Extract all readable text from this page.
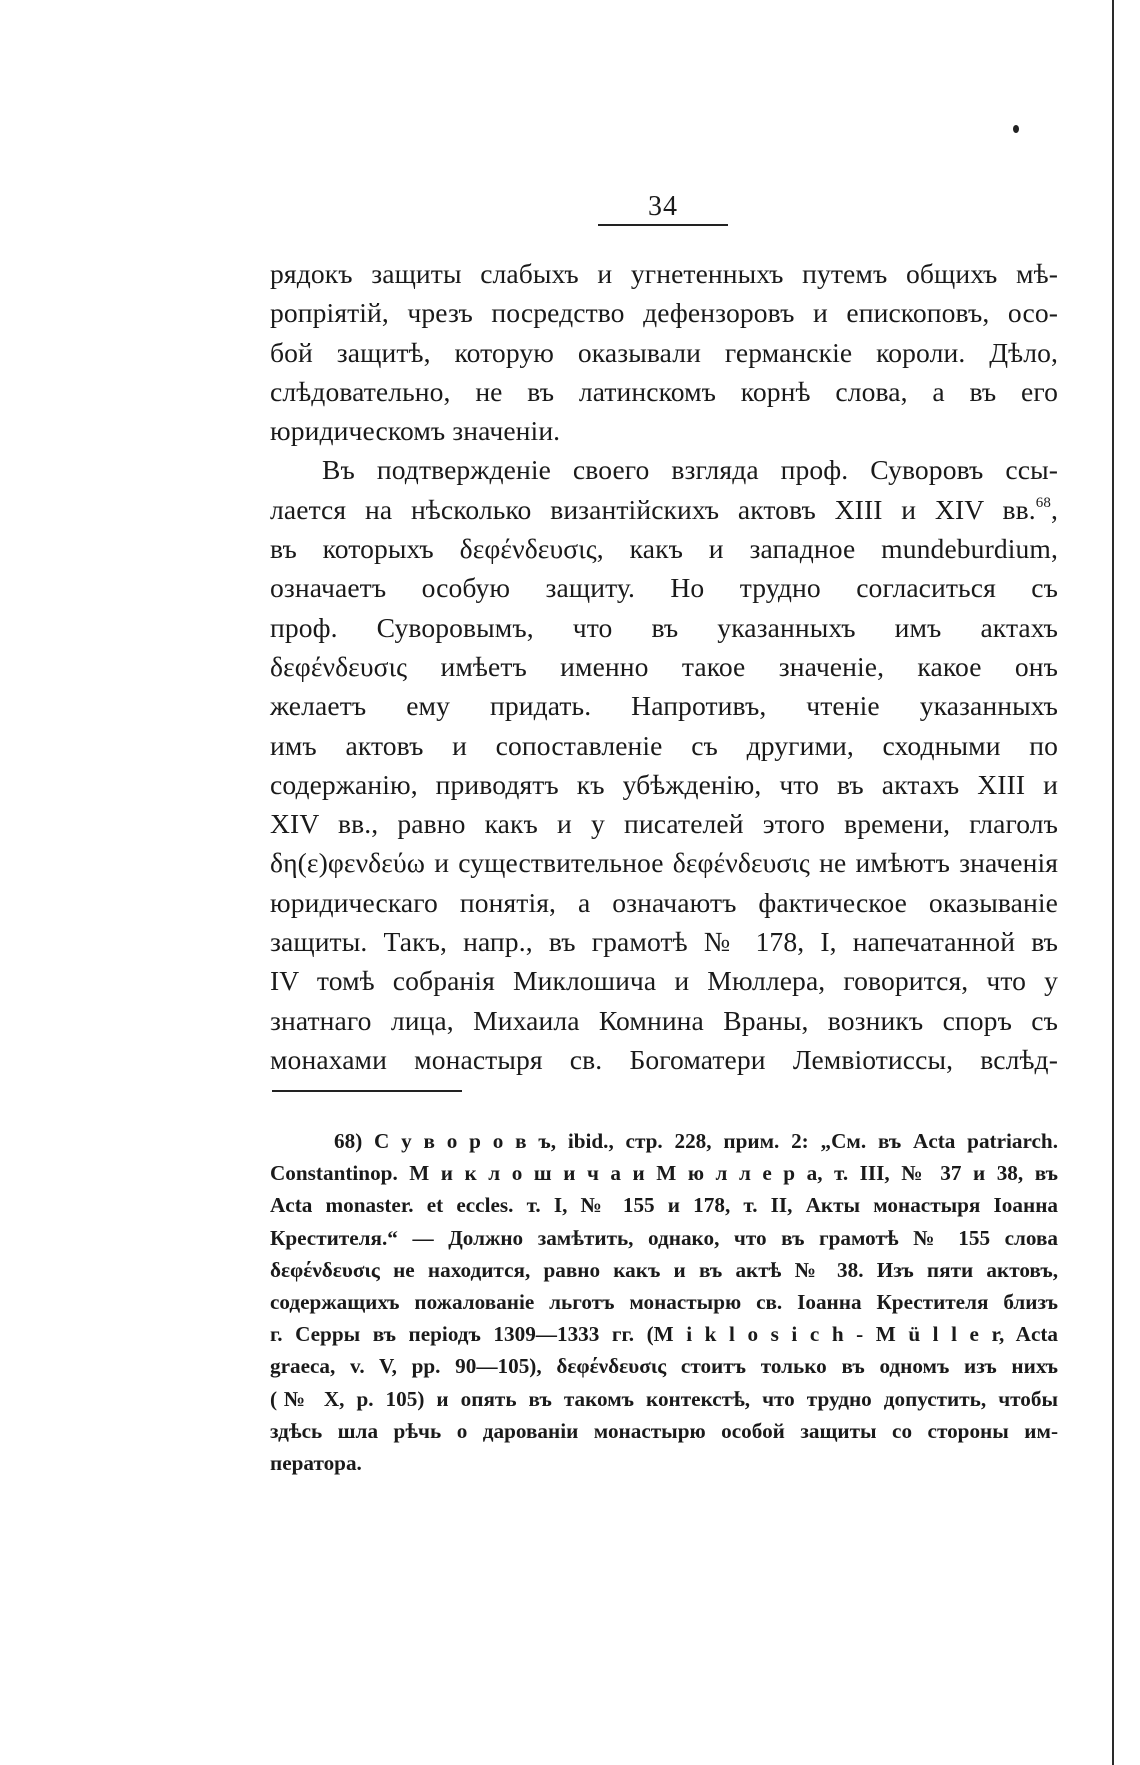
34
рядокъ защиты слабыхъ и угнетенныхъ путемъ общихъ мѣ-
ропріятій, чрезъ посредство дефензоровъ и епископовъ, осо-
бой защитѣ, которую оказывали германскіе короли. Дѣло,
слѣдовательно, не въ латинскомъ корнѣ слова, а въ его
юридическомъ значеніи.
Въ подтвержденіе своего взгляда проф. Суворовъ ссы-
лается на нѣсколько византійскихъ актовъ XIII и XIV вв.$^{68}$,
въ которыхъ δεφένδευσις, какъ и западное mundeburdium,
означаетъ особую защиту. Но трудно согласиться съ
проф. Суворовымъ, что въ указанныхъ имъ актахъ
δεφένδευσις имѣетъ именно такое значеніе, какое онъ
желаетъ ему придать. Напротивъ, чтеніе указанныхъ
имъ актовъ и сопоставленіе съ другими, сходными по
содержанію, приводятъ къ убѣжденію, что въ актахъ XIII и
XIV вв., равно какъ и у писателей этого времени, глаголъ
δη(ε)φενδεύω и существительное δεφένδευσις не имѣютъ значенія
юридическаго понятія, а означаютъ фактическое оказываніе
защиты. Такъ, напр., въ грамотѣ № 178, I, напечатанной въ
IV томѣ собранія Миклошича и Мюллера, говорится, что у
знатнаго лица, Михаила Комнина Враны, возникъ споръ съ
монахами монастыря св. Богоматери Лемвіотиссы, вслѣд-
68) С у в о р о в ъ, ibid., стр. 228, прим. 2: „См. въ Acta patriarch.
Constantinop. М и к л о ш и ч а и М ю л л е р а, т. III, № 37 и 38, въ
Acta monaster. et eccles. т. I, № 155 и 178, т. II, Акты монастыря Іоанна
Крестителя.“ — Должно замѣтить, однако, что въ грамотѣ № 155 слова
δεφένδευσις не находится, равно какъ и въ актѣ № 38. Изъ пяти актовъ,
содержащихъ пожалованіе льготъ монастырю св. Іоанна Крестителя близъ
г. Серры въ періодъ 1309—1333 гг. (M i k l o s i c h - M ü l l e r, Acta
graeca, v. V, pp. 90—105), δεφένδευσις стоитъ только въ одномъ изъ нихъ
(№ X, p. 105) и опять въ такомъ контекстѣ, что трудно допустить, чтобы
здѣсь шла рѣчь о дарованіи монастырю особой защиты со стороны им-
ператора.
